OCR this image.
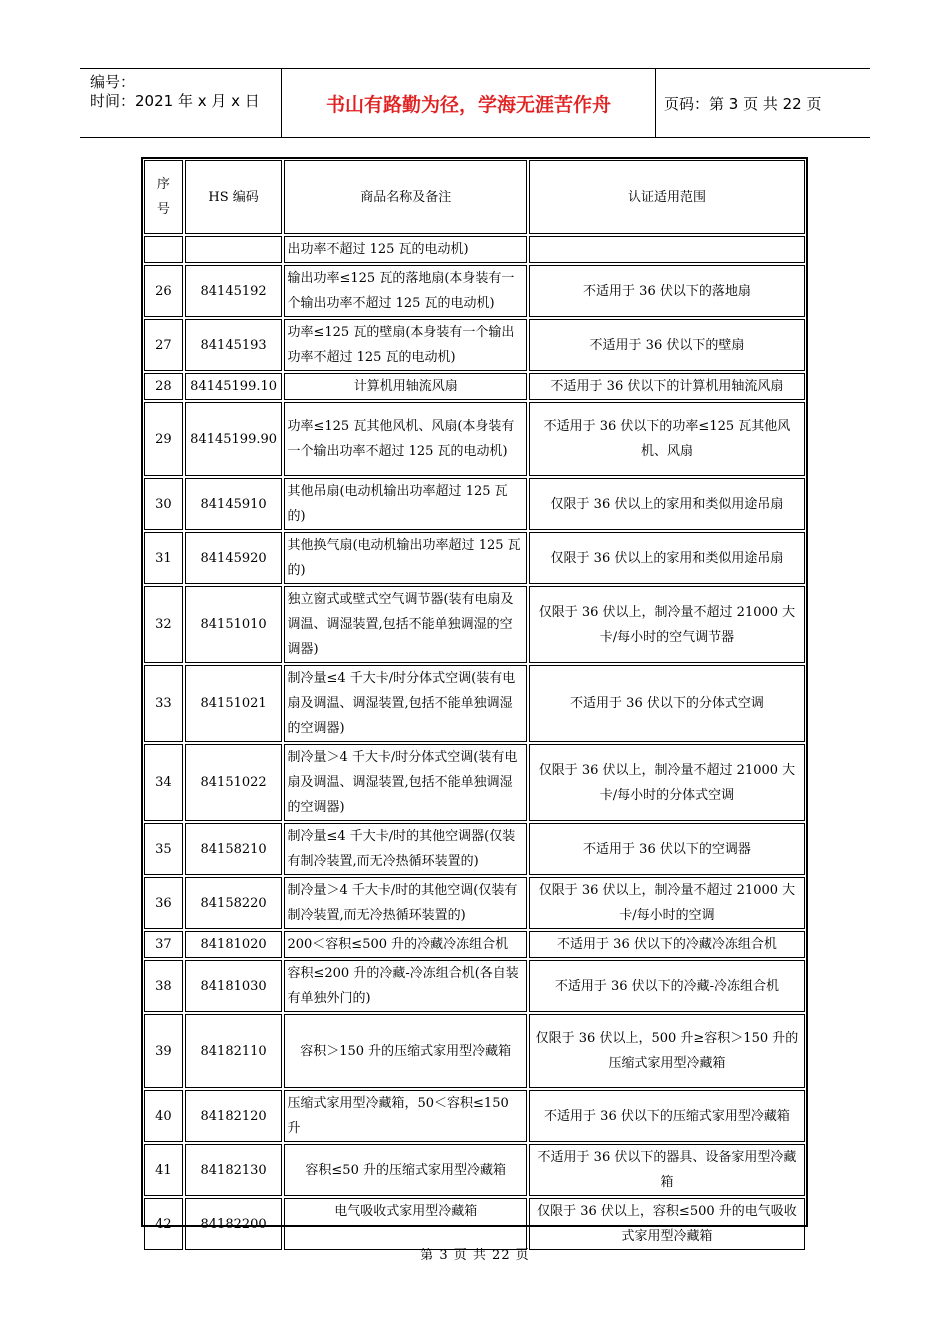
编号：
时间：2021 年 x 月 x 日	书山有路勤为径，学海无涯苦作舟	页码：第 3 页 共 22 页
序号	HS 编码	商品名称及备注	认证适用范围
		出功率不超过 125 瓦的电动机)	
26	84145192	输出功率≤125 瓦的落地扇(本身装有一个输出功率不超过 125 瓦的电动机)	不适用于 36 伏以下的落地扇
27	84145193	功率≤125 瓦的壁扇(本身装有一个输出功率不超过 125 瓦的电动机)	不适用于 36 伏以下的壁扇
28	84145199.10	计算机用轴流风扇	不适用于 36 伏以下的计算机用轴流风扇
29	84145199.90	功率≤125 瓦其他风机、风扇(本身装有一个输出功率不超过 125 瓦的电动机)	不适用于 36 伏以下的功率≤125 瓦其他风机、风扇
30	84145910	其他吊扇(电动机输出功率超过 125 瓦的)	仅限于 36 伏以上的家用和类似用途吊扇
31	84145920	其他换气扇(电动机输出功率超过 125 瓦的)	仅限于 36 伏以上的家用和类似用途吊扇
32	84151010	独立窗式或壁式空气调节器(装有电扇及调温、调湿装置,包括不能单独调湿的空调器)	仅限于 36 伏以上，制冷量不超过 21000 大卡/每小时的空气调节器
33	84151021	制冷量≤4 千大卡/时分体式空调(装有电扇及调温、调湿装置,包括不能单独调湿的空调器)	不适用于 36 伏以下的分体式空调
34	84151022	制冷量＞4 千大卡/时分体式空调(装有电扇及调温、调湿装置,包括不能单独调湿的空调器)	仅限于 36 伏以上，制冷量不超过 21000 大卡/每小时的分体式空调
35	84158210	制冷量≤4 千大卡/时的其他空调器(仅装有制冷装置,而无冷热循环装置的)	不适用于 36 伏以下的空调器
36	84158220	制冷量＞4 千大卡/时的其他空调(仅装有制冷装置,而无冷热循环装置的)	仅限于 36 伏以上，制冷量不超过 21000 大卡/每小时的空调
37	84181020	200＜容积≤500 升的冷藏冷冻组合机	不适用于 36 伏以下的冷藏冷冻组合机
38	84181030	容积≤200 升的冷藏-冷冻组合机(各自装有单独外门的)	不适用于 36 伏以下的冷藏-冷冻组合机
39	84182110	容积＞150 升的压缩式家用型冷藏箱	仅限于 36 伏以上，500 升≥容积＞150 升的压缩式家用型冷藏箱
40	84182120	压缩式家用型冷藏箱，50＜容积≤150 升	不适用于 36 伏以下的压缩式家用型冷藏箱
41	84182130	容积≤50 升的压缩式家用型冷藏箱	不适用于 36 伏以下的器具、设备家用型冷藏箱
42	84182200	电气吸收式家用型冷藏箱	仅限于 36 伏以上，容积≤500 升的电气吸收式家用型冷藏箱
第 3 页 共 22 页
